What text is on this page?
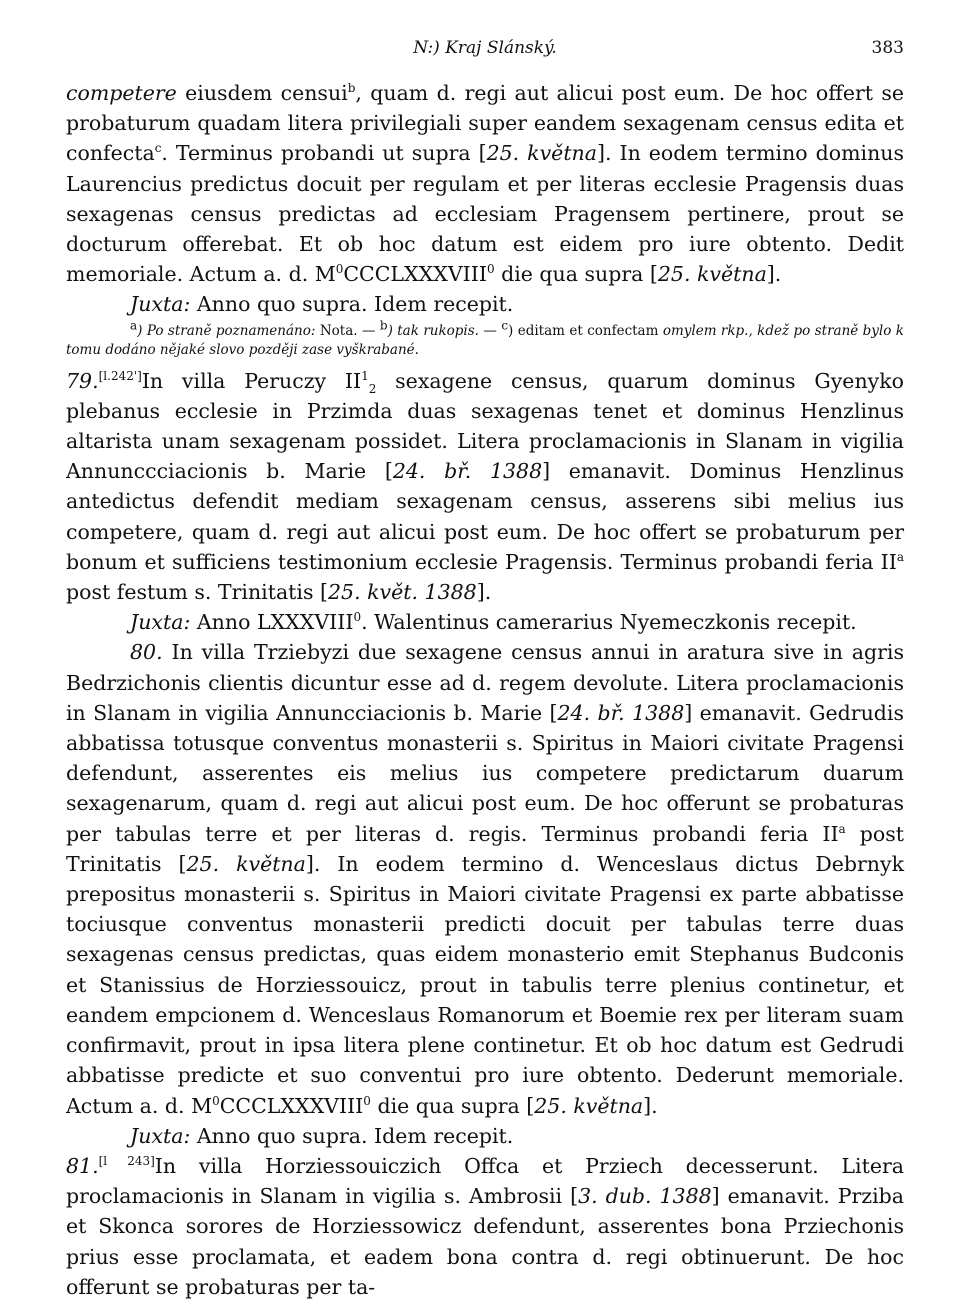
N:) Kraj Slánský.	383

competere eiusdem censui$^b$, quam d. regi aut alicui post eum. De hoc offert se probaturum quadam litera privilegiali super eandem sexagenam census edita et confecta$^c$. Terminus probandi ut supra [25. května]. In eodem termino dominus Laurencius predictus docuit per regulam et per literas ecclesie Pragensis duas sexagenas census predictas ad ecclesiam Pragensem pertinere, prout se docturum offerebat. Et ob hoc datum est eidem pro iure obtento. Dedit memoriale. Actum a. d. $M^0CCCLXXXVIII^0$ die qua supra [25. května].

Juxta: Anno quo supra. Idem recepit.

$^a$) Po straně poznamenáno: Nota. — $^b$) tak rukopis. — $^c$) editam et confectam omylem rkp., kdež po straně bylo k tomu dodáno nějaké slovo později zase vyškrabané.

79.[l.242']In villa Peruczy $II^1_2$ sexagene census, quarum dominus Gyenyko plebanus ecclesie in Przimda duas sexagenas tenet et dominus Henzlinus altarista unam sexagenam possidet. Litera proclamacionis in Slanam in vigilia Annunccciacionis b. Marie [24. bř. 1388] emanavit. Dominus Henzlinus antedictus defendit mediam sexagenam census, asserens sibi melius ius competere, quam d. regi aut alicui post eum. De hoc offert se probaturum per bonum et sufficiens testimonium ecclesie Pragensis. Terminus probandi feria $II^a$ post festum s. Trinitatis [25. květ. 1388].

Juxta: Anno LXXXVIII$^0$. Walentinus camerarius Nyemeczkonis recepit.

80. In villa Trziebyzi due sexagene census annui in aratura sive in agris Bedrzichonis clientis dicuntur esse ad d. regem devolute. Litera proclamacionis in Slanam in vigilia Annuncciacionis b. Marie [24. bř. 1388] emanavit. Gedrudis abbatissa totusque conventus monasterii s. Spiritus in Maiori civitate Pragensi defendunt, asserentes eis melius ius competere predictarum duarum sexagenarum, quam d. regi aut alicui post eum. De hoc offerunt se probaturas per tabulas terre et per literas d. regis. Terminus probandi feria $II^a$ post Trinitatis [25. května]. In eodem termino d. Wenceslaus dictus Debrnyk prepositus monasterii s. Spiritus in Maiori civitate Pragensi ex parte abbatisse tociusque conventus monasterii predicti docuit per tabulas terre duas sexagenas census predictas, quas eidem monasterio emit Stephanus Budconis et Stanissius de Horziessouicz, prout in tabulis terre plenius continetur, et eandem empcionem d. Wenceslaus Romanorum et Boemie rex per literam suam confirmavit, prout in ipsa litera plene continetur. Et ob hoc datum est Gedrudi abbatisse predicte et suo conventui pro iure obtento. Dederunt memoriale. Actum a. d. $M^0CCCLXXXVIII^0$ die qua supra [25. května].

Juxta: Anno quo supra. Idem recepit.

81.[l 243]In villa Horziessouiczich Offca et Prziech decesserunt. Litera proclamacionis in Slanam in vigilia s. Ambrosii [3. dub. 1388] emanavit. Prziba et Skonca sorores de Horziessowicz defendunt, asserentes bona Prziechonis prius esse proclamata, et eadem bona contra d. regi obtinuerunt. De hoc offerunt se probaturas per ta-
